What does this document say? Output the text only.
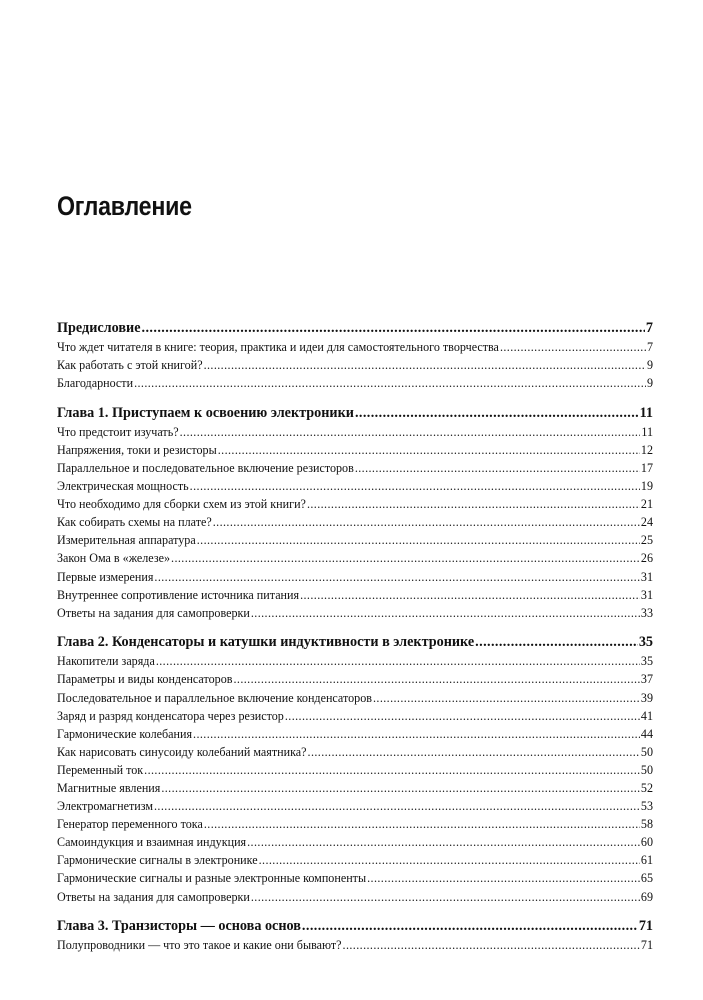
Оглавление
Предисловие .....	7
Что ждет читателя в книге: теория, практика и идеи для самостоятельного творчества .....	7
Как работать с этой книгой? .....	9
Благодарности .....	9
Глава 1. Приступаем к освоению электроники .....	11
Что предстоит изучать? .....	11
Напряжения, токи и резисторы .....	12
Параллельное и последовательное включение резисторов .....	17
Электрическая мощность .....	19
Что необходимо для сборки схем из этой книги? .....	21
Как собирать схемы на плате? .....	24
Измерительная аппаратура .....	25
Закон Ома в «железе» .....	26
Первые измерения .....	31
Внутреннее сопротивление источника питания .....	31
Ответы на задания для самопроверки .....	33
Глава 2. Конденсаторы и катушки индуктивности в электронике .....	35
Накопители заряда .....	35
Параметры и виды конденсаторов .....	37
Последовательное и параллельное включение конденсаторов .....	39
Заряд и разряд конденсатора через резистор .....	41
Гармонические колебания .....	44
Как нарисовать синусоиду колебаний маятника? .....	50
Переменный ток .....	50
Магнитные явления .....	52
Электромагнетизм .....	53
Генератор переменного тока .....	58
Самоиндукция и взаимная индукция .....	60
Гармонические сигналы в электронике .....	61
Гармонические сигналы и разные электронные компоненты .....	65
Ответы на задания для самопроверки .....	69
Глава 3. Транзисторы — основа основ .....	71
Полупроводники — что это такое и какие они бывают? .....	71
